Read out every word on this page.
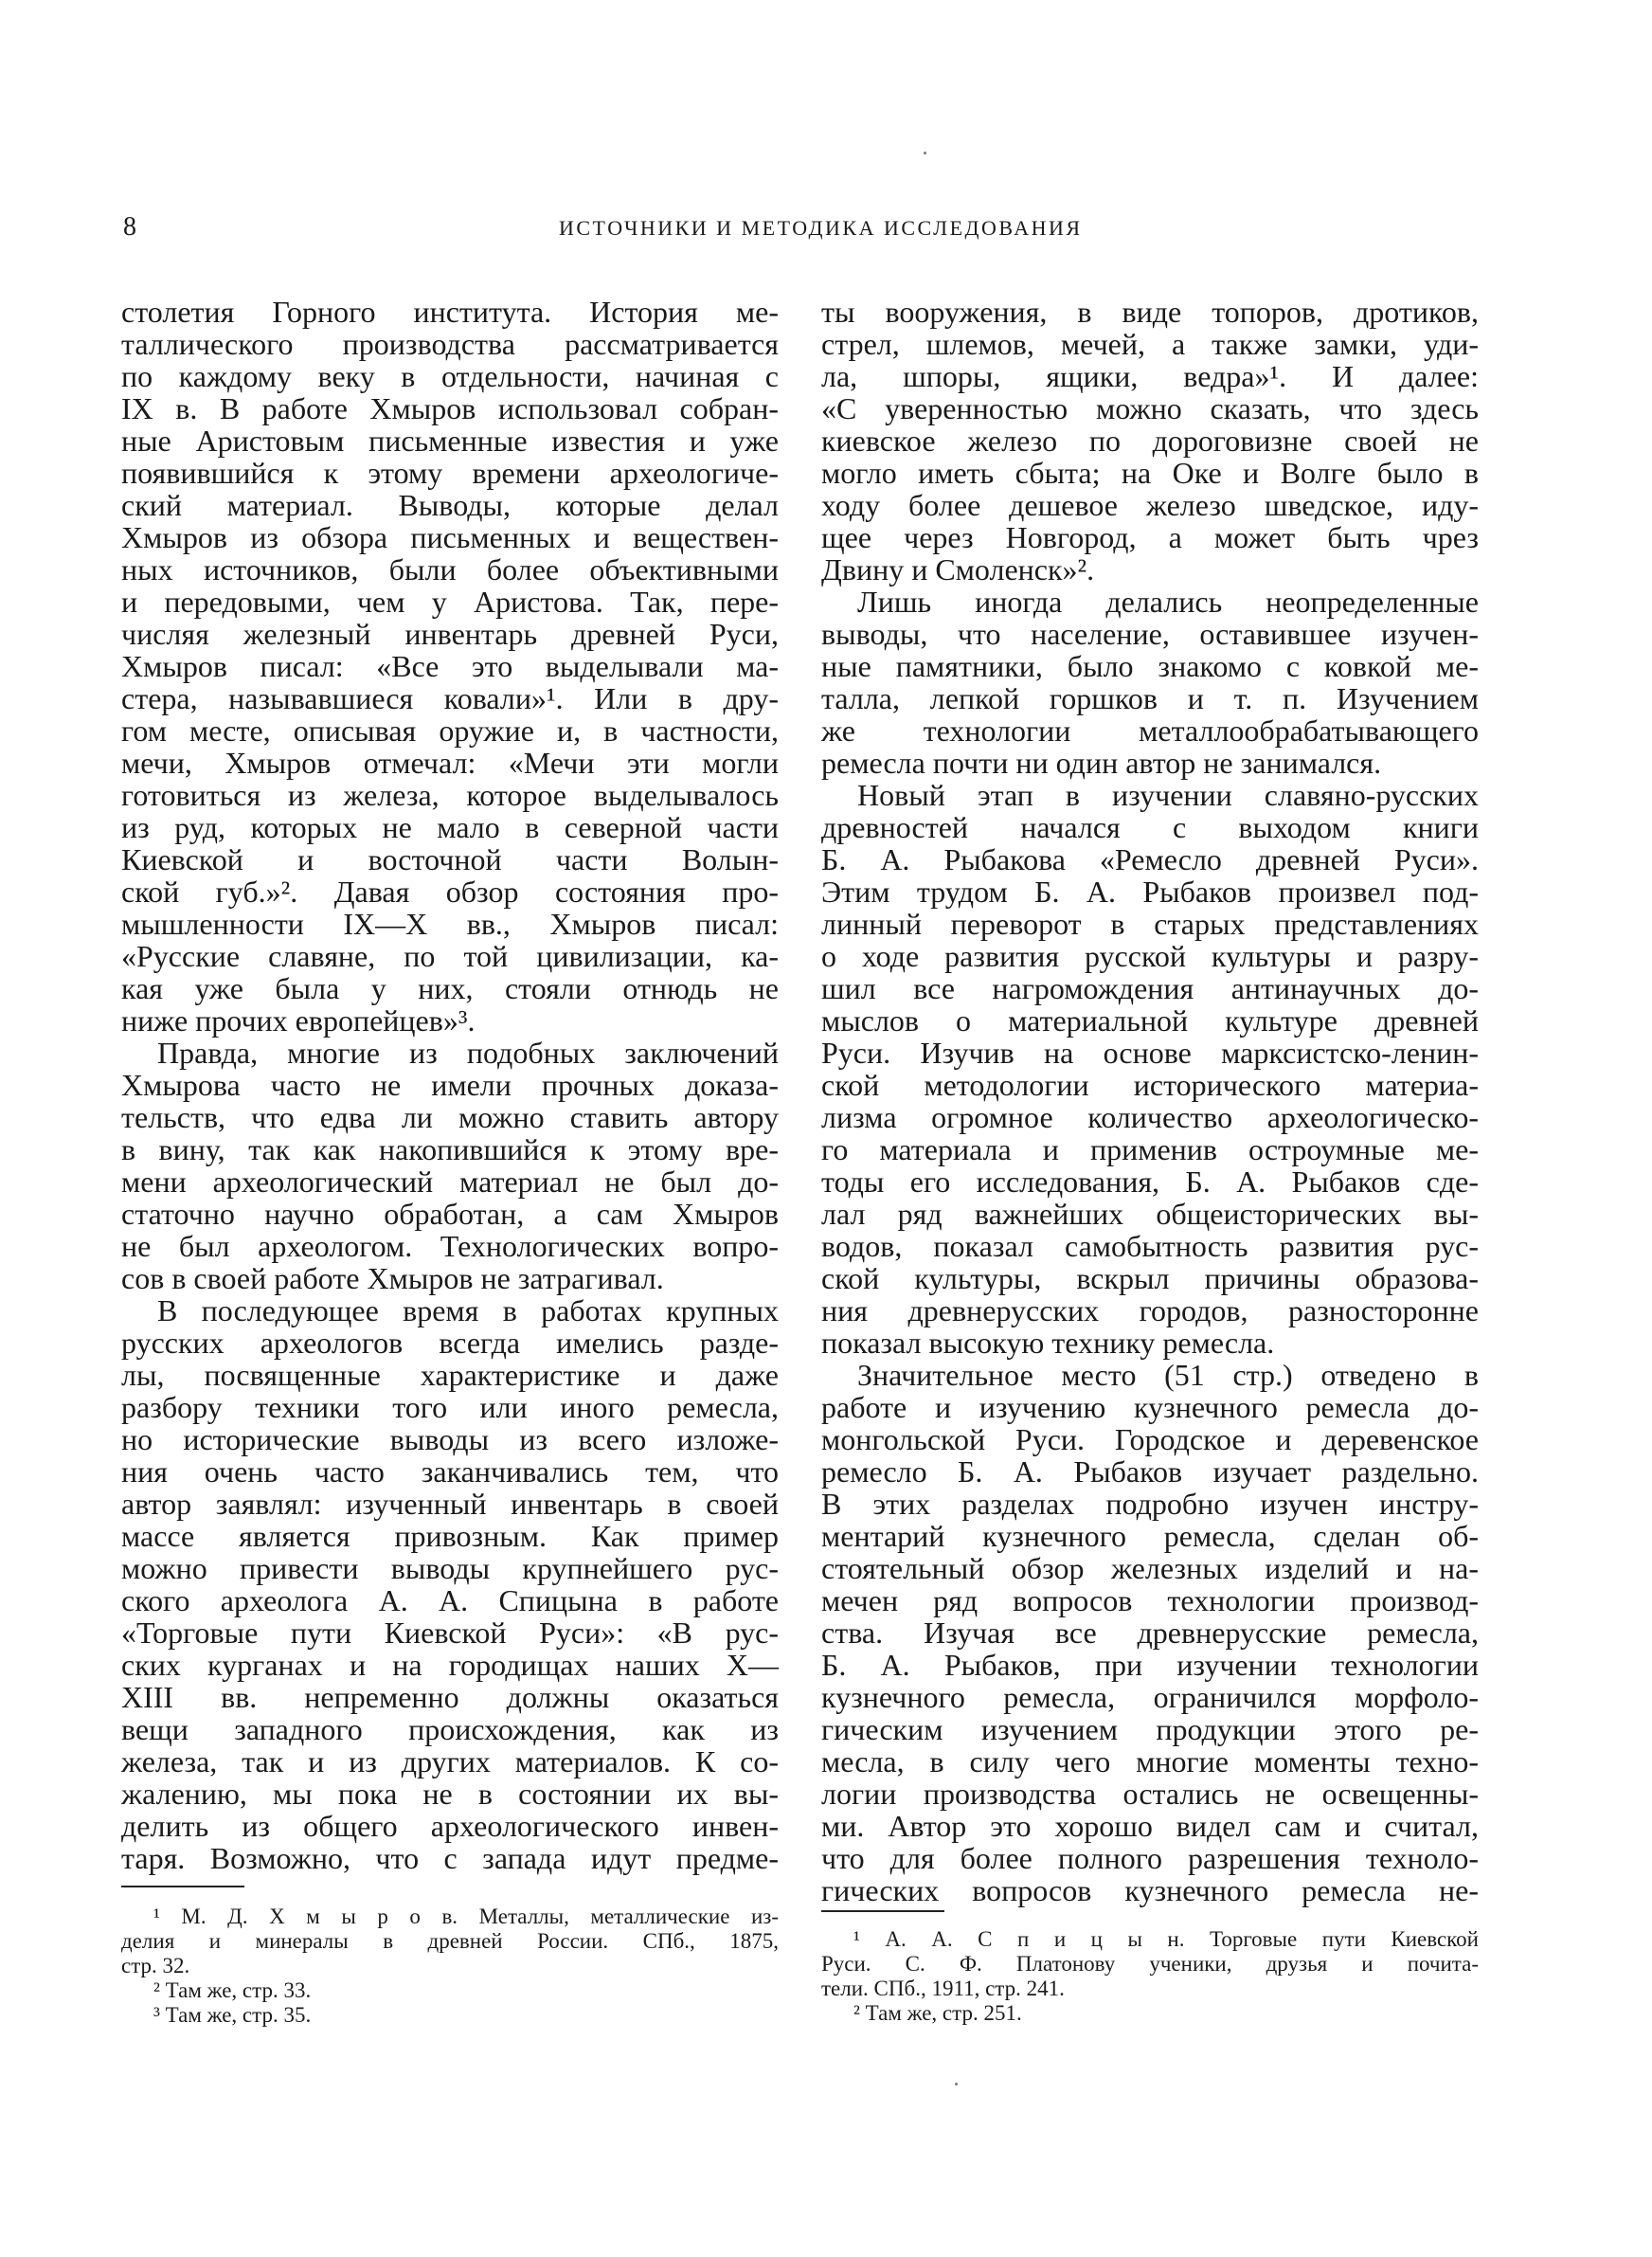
8	ИСТОЧНИКИ И МЕТОДИКА ИССЛЕДОВАНИЯ
столетия Горного института. История ме-
таллического производства рассматривается
по каждому веку в отдельности, начиная с
IX в. В работе Хмыров использовал собран-
ные Аристовым письменные известия и уже
появившийся к этому времени археологиче-
ский материал. Выводы, которые делал
Хмыров из обзора письменных и веществен-
ных источников, были более объективными
и передовыми, чем у Аристова. Так, пере-
числяя железный инвентарь древней Руси,
Хмыров писал: «Все это выделывали ма-
стера, называвшиеся ковали»¹. Или в дру-
гом месте, описывая оружие и, в частности,
мечи, Хмыров отмечал: «Мечи эти могли
готовиться из железа, которое выделывалось
из руд, которых не мало в северной части
Киевской и восточной части Волын-
ской губ.»². Давая обзор состояния про-
мышленности IX—X вв., Хмыров писал:
«Русские славяне, по той цивилизации, ка-
кая уже была у них, стояли отнюдь не
ниже прочих европейцев»³.
Правда, многие из подобных заключений
Хмырова часто не имели прочных доказа-
тельств, что едва ли можно ставить автору
в вину, так как накопившийся к этому вре-
мени археологический материал не был до-
статочно научно обработан, а сам Хмыров
не был археологом. Технологических вопро-
сов в своей работе Хмыров не затрагивал.
В последующее время в работах крупных
русских археологов всегда имелись разде-
лы, посвященные характеристике и даже
разбору техники того или иного ремесла,
но исторические выводы из всего изложе-
ния очень часто заканчивались тем, что
автор заявлял: изученный инвентарь в своей
массе является привозным. Как пример
можно привести выводы крупнейшего рус-
ского археолога А. А. Спицына в работе
«Торговые пути Киевской Руси»: «В рус-
ских курганах и на городищах наших X—
XIII вв. непременно должны оказаться
вещи западного происхождения, как из
железа, так и из других материалов. К со-
жалению, мы пока не в состоянии их вы-
делить из общего археологического инвен-
таря. Возможно, что с запада идут предме-
ты вооружения, в виде топоров, дротиков,
стрел, шлемов, мечей, а также замки, уди-
ла, шпоры, ящики, ведра»¹. И далее:
«С уверенностью можно сказать, что здесь
киевское железо по дороговизне своей не
могло иметь сбыта; на Оке и Волге было в
ходу более дешевое железо шведское, иду-
щее через Новгород, а может быть чрез
Двину и Смоленск»².
Лишь иногда делались неопределенные
выводы, что население, оставившее изучен-
ные памятники, было знакомо с ковкой ме-
талла, лепкой горшков и т. п. Изучением
же технологии металлообрабатывающего
ремесла почти ни один автор не занимался.
Новый этап в изучении славяно-русских
древностей начался с выходом книги
Б. А. Рыбакова «Ремесло древней Руси».
Этим трудом Б. А. Рыбаков произвел под-
линный переворот в старых представлениях
о ходе развития русской культуры и разру-
шил все нагромождения антинаучных до-
мыслов о материальной культуре древней
Руси. Изучив на основе марксистско-ленин-
ской методологии исторического материа-
лизма огромное количество археологическо-
го материала и применив остроумные ме-
тоды его исследования, Б. А. Рыбаков сде-
лал ряд важнейших общеисторических вы-
водов, показал самобытность развития рус-
ской культуры, вскрыл причины образова-
ния древнерусских городов, разносторонне
показал высокую технику ремесла.
Значительное место (51 стр.) отведено в
работе и изучению кузнечного ремесла до-
монгольской Руси. Городское и деревенское
ремесло Б. А. Рыбаков изучает раздельно.
В этих разделах подробно изучен инстру-
ментарий кузнечного ремесла, сделан об-
стоятельный обзор железных изделий и на-
мечен ряд вопросов технологии производ-
ства. Изучая все древнерусские ремесла,
Б. А. Рыбаков, при изучении технологии
кузнечного ремесла, ограничился морфоло-
гическим изучением продукции этого ре-
месла, в силу чего многие моменты техно-
логии производства остались не освещенны-
ми. Автор это хорошо видел сам и считал,
что для более полного разрешения техноло-
гических вопросов кузнечного ремесла не-
¹ М. Д. Х м ы р о в. Металлы, металлические из-
делия и минералы в древней России. СПб., 1875,
стр. 32.
² Там же, стр. 33.
³ Там же, стр. 35.
¹ А. А. С п и ц ы н. Торговые пути Киевской
Руси. С. Ф. Платонову ученики, друзья и почита-
тели. СПб., 1911, стр. 241.
² Там же, стр. 251.
